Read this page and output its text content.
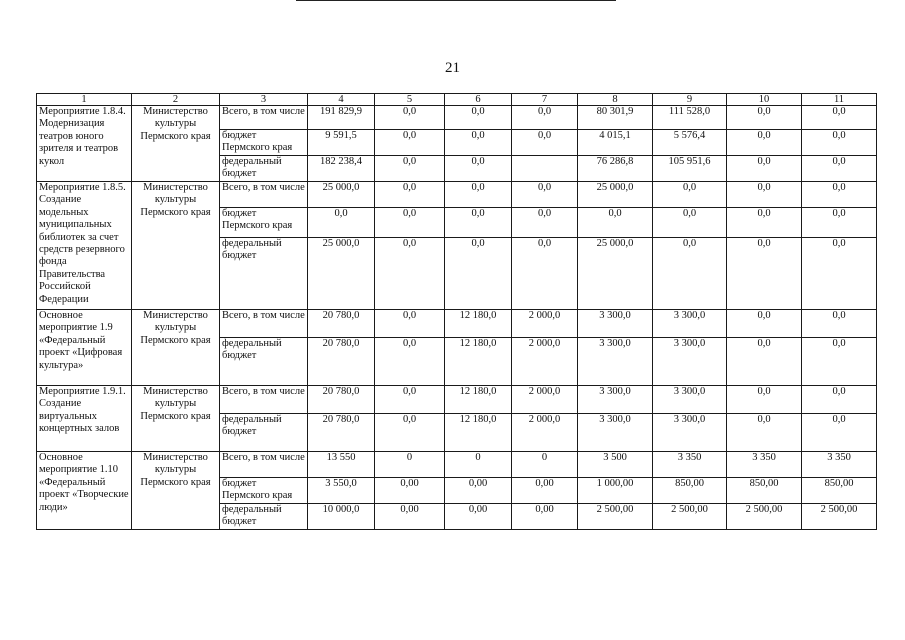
21
1	2	3	4	5	6	7	8	9	10	11
Мероприятие 1.8.4. Модернизация театров юного зрителя и театров кукол	Министерство культуры Пермского края	Всего, в том числе	191 829,9	0,0	0,0	0,0	80 301,9	111 528,0	0,0	0,0
		бюджет Пермского края	9 591,5	0,0	0,0	0,0	4 015,1	5 576,4	0,0	0,0
		федеральный бюджет	182 238,4	0,0	0,0		76 286,8	105 951,6	0,0	0,0
Мероприятие 1.8.5. Создание модельных муниципальных библиотек за счет средств резервного фонда Правительства Российской Федерации	Министерство культуры Пермского края	Всего, в том числе	25 000,0	0,0	0,0	0,0	25 000,0	0,0	0,0	0,0
		бюджет Пермского края	0,0	0,0	0,0	0,0	0,0	0,0	0,0	0,0
		федеральный бюджет	25 000,0	0,0	0,0	0,0	25 000,0	0,0	0,0	0,0
Основное мероприятие 1.9 «Федеральный проект «Цифровая культура»	Министерство культуры Пермского края	Всего, в том числе	20 780,0	0,0	12 180,0	2 000,0	3 300,0	3 300,0	0,0	0,0
		федеральный бюджет	20 780,0	0,0	12 180,0	2 000,0	3 300,0	3 300,0	0,0	0,0
Мероприятие 1.9.1. Создание виртуальных концертных залов	Министерство культуры Пермского края	Всего, в том числе	20 780,0	0,0	12 180,0	2 000,0	3 300,0	3 300,0	0,0	0,0
		федеральный бюджет	20 780,0	0,0	12 180,0	2 000,0	3 300,0	3 300,0	0,0	0,0
Основное мероприятие 1.10 «Федеральный проект «Творческие люди»	Министерство культуры Пермского края	Всего, в том числе	13 550	0	0	0	3 500	3 350	3 350	3 350
		бюджет Пермского края	3 550,0	0,00	0,00	0,00	1 000,00	850,00	850,00	850,00
		федеральный бюджет	10 000,0	0,00	0,00	0,00	2 500,00	2 500,00	2 500,00	2 500,00
